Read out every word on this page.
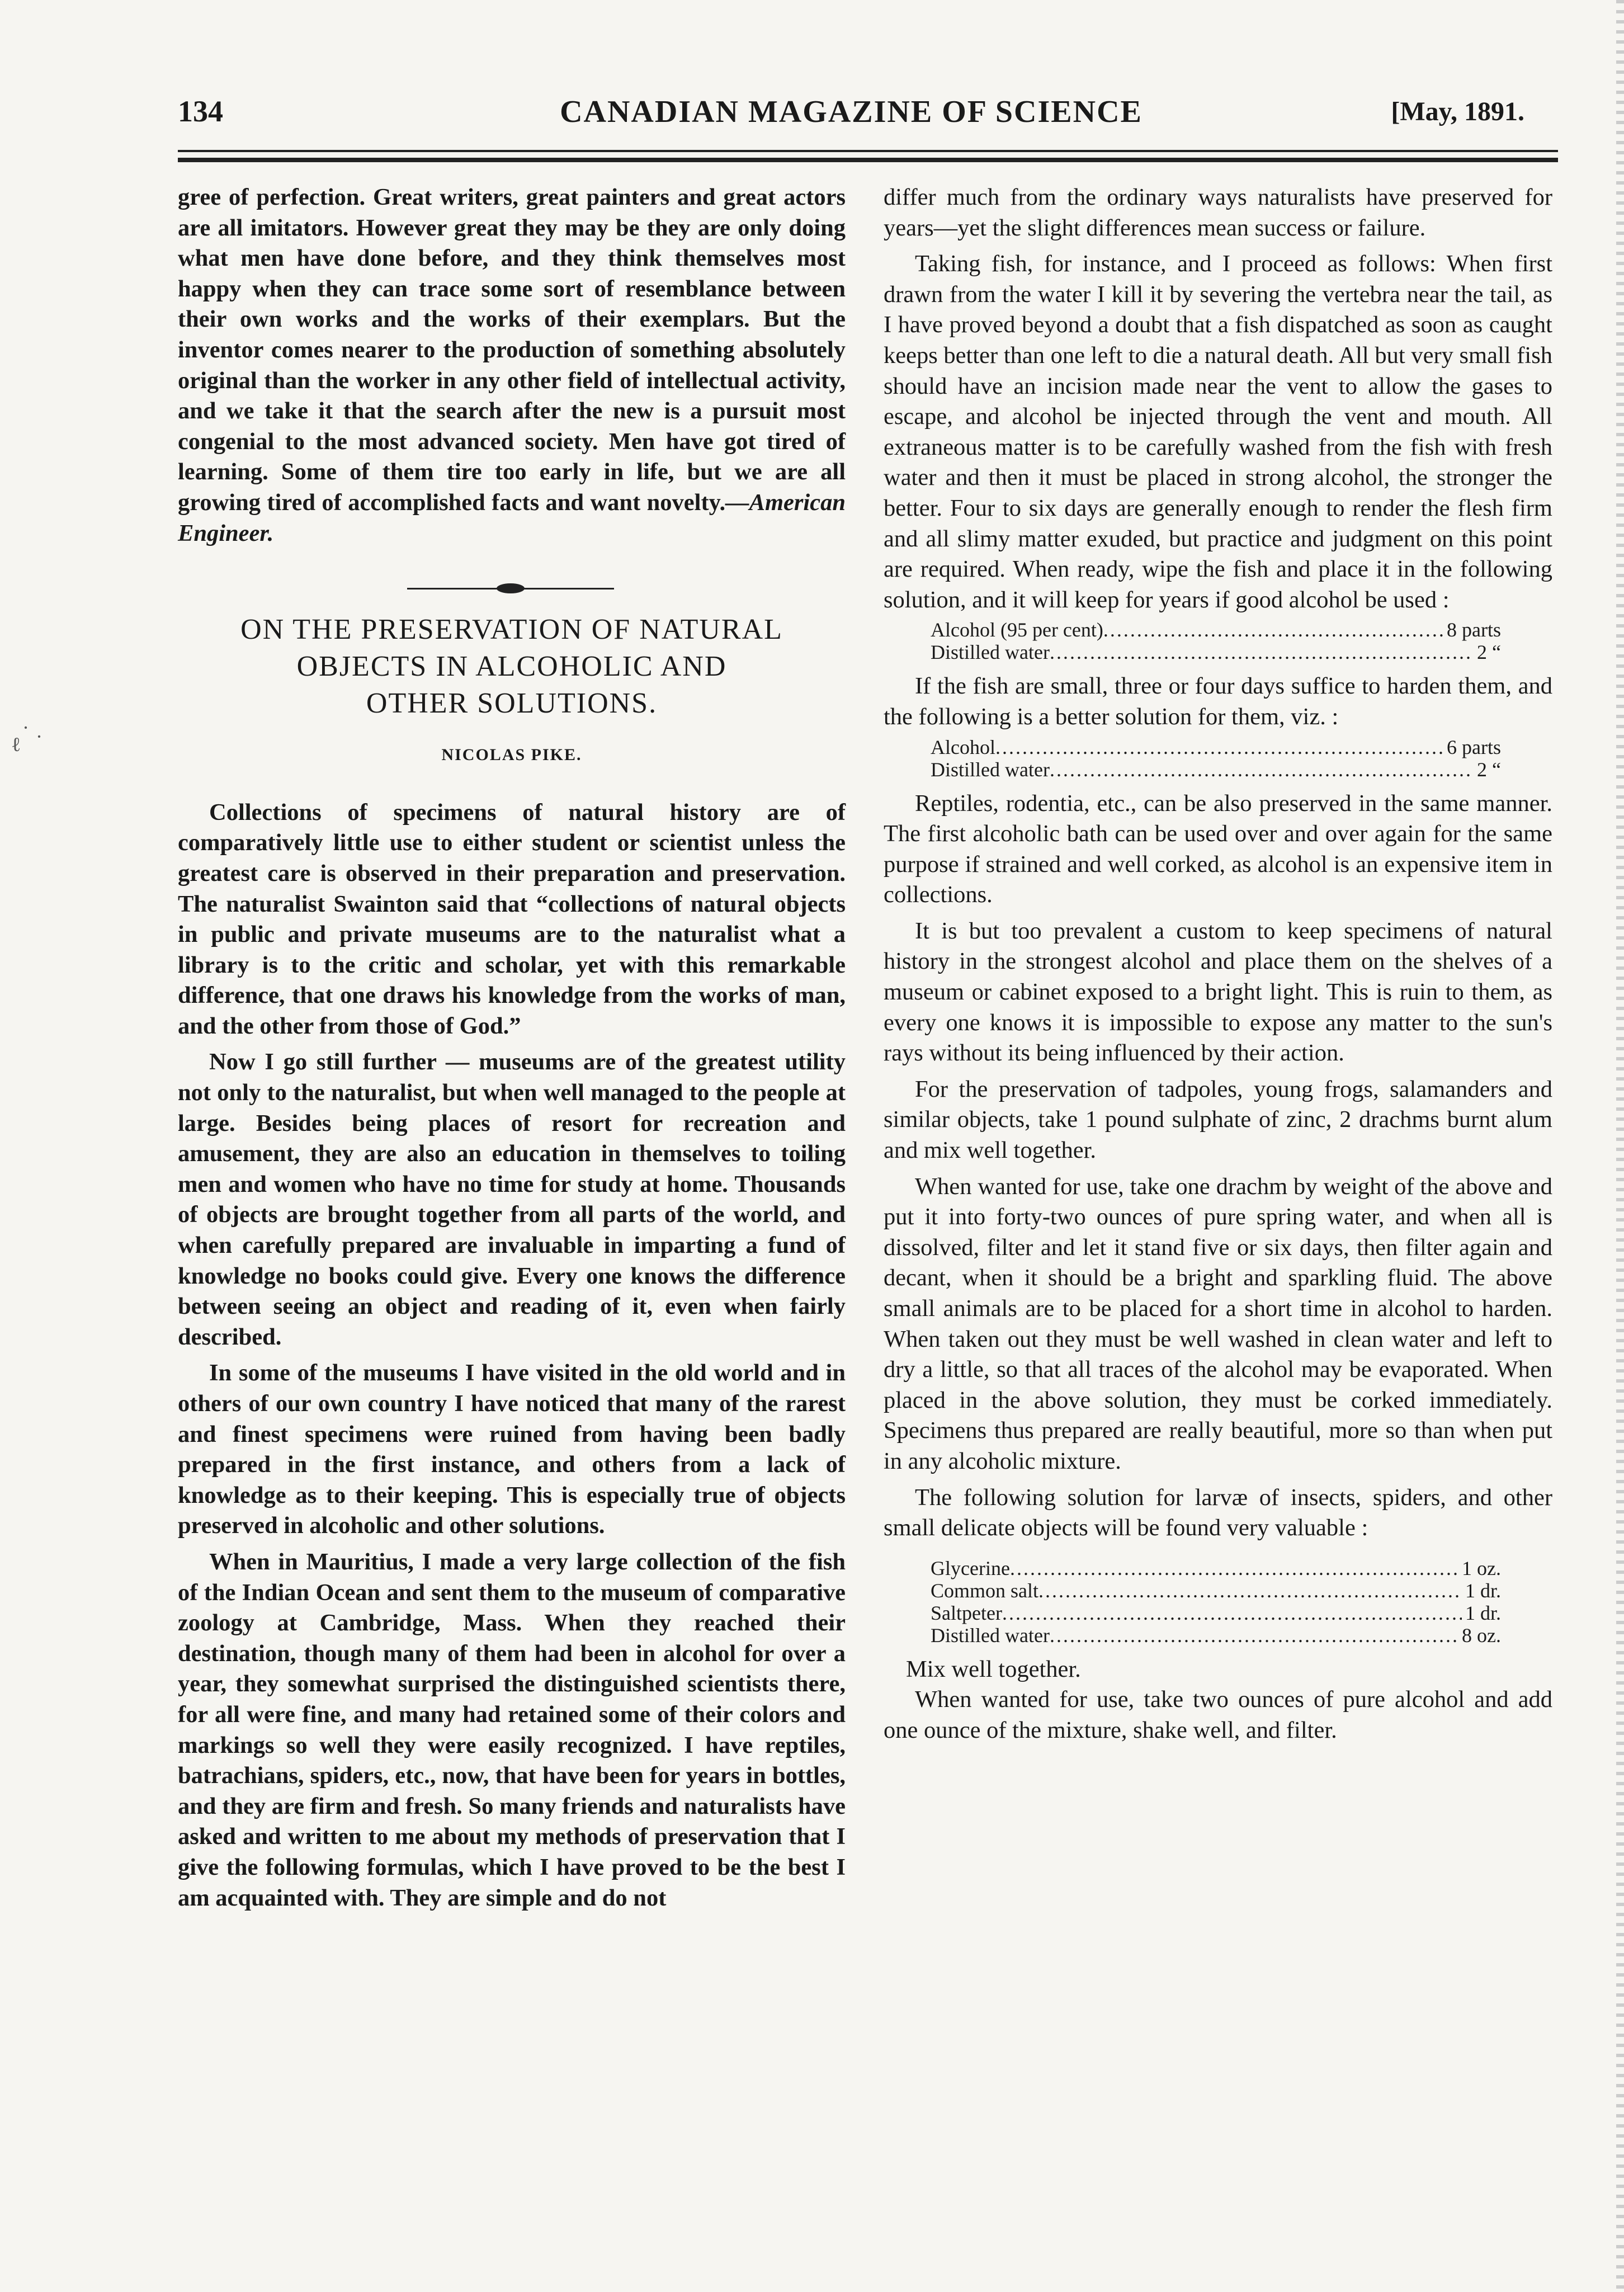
134	CANADIAN MAGAZINE OF SCIENCE	[May, 1891.

gree of perfection. Great writers, great painters and great actors are all imitators. However great they may be they are only doing what men have done before, and they think themselves most happy when they can trace some sort of resemblance between their own works and the works of their exemplars. But the inventor comes nearer to the production of something absolutely original than the worker in any other field of intellectual activity, and we take it that the search after the new is a pursuit most congenial to the most advanced society. Men have got tired of learning. Some of them tire too early in life, but we are all growing tired of accomplished facts and want novelty.—American Engineer.

ON THE PRESERVATION OF NATURAL
OBJECTS IN ALCOHOLIC AND
OTHER SOLUTIONS.
NICOLAS PIKE.

Collections of specimens of natural history are of comparatively little use to either student or scientist unless the greatest care is observed in their preparation and preservation. The naturalist Swainton said that “collections of natural objects in public and private museums are to the naturalist what a library is to the critic and scholar, yet with this remarkable difference, that one draws his knowledge from the works of man, and the other from those of God.”

Now I go still further — museums are of the greatest utility not only to the naturalist, but when well managed to the people at large. Besides being places of resort for recreation and amusement, they are also an education in themselves to toiling men and women who have no time for study at home. Thousands of objects are brought together from all parts of the world, and when carefully prepared are invaluable in imparting a fund of knowledge no books could give. Every one knows the difference between seeing an object and reading of it, even when fairly described.

In some of the museums I have visited in the old world and in others of our own country I have noticed that many of the rarest and finest specimens were ruined from having been badly prepared in the first instance, and others from a lack of knowledge as to their keeping. This is especially true of objects preserved in alcoholic and other solutions.

When in Mauritius, I made a very large collection of the fish of the Indian Ocean and sent them to the museum of comparative zoology at Cambridge, Mass. When they reached their destination, though many of them had been in alcohol for over a year, they somewhat surprised the distinguished scientists there, for all were fine, and many had retained some of their colors and markings so well they were easily recognized. I have reptiles, batrachians, spiders, etc., now, that have been for years in bottles, and they are firm and fresh. So many friends and naturalists have asked and written to me about my methods of preservation that I give the following formulas, which I have proved to be the best I am acquainted with. They are simple and do not

differ much from the ordinary ways naturalists have preserved for years—yet the slight differences mean success or failure.

Taking fish, for instance, and I proceed as follows: When first drawn from the water I kill it by severing the vertebra near the tail, as I have proved beyond a doubt that a fish dispatched as soon as caught keeps better than one left to die a natural death. All but very small fish should have an incision made near the vent to allow the gases to escape, and alcohol be injected through the vent and mouth. All extraneous matter is to be carefully washed from the fish with fresh water and then it must be placed in strong alcohol, the stronger the better. Four to six days are generally enough to render the flesh firm and all slimy matter exuded, but practice and judgment on this point are required. When ready, wipe the fish and place it in the following solution, and it will keep for years if good alcohol be used :

Alcohol (95 per cent) .....	8 parts
Distilled water .....	2 “

If the fish are small, three or four days suffice to harden them, and the following is a better solution for them, viz. :

Alcohol .....	6 parts
Distilled water .....	2 “

Reptiles, rodentia, etc., can be also preserved in the same manner. The first alcoholic bath can be used over and over again for the same purpose if strained and well corked, as alcohol is an expensive item in collections.

It is but too prevalent a custom to keep specimens of natural history in the strongest alcohol and place them on the shelves of a museum or cabinet exposed to a bright light. This is ruin to them, as every one knows it is impossible to expose any matter to the sun's rays without its being influenced by their action.

For the preservation of tadpoles, young frogs, salamanders and similar objects, take 1 pound sulphate of zinc, 2 drachms burnt alum and mix well together.

When wanted for use, take one drachm by weight of the above and put it into forty-two ounces of pure spring water, and when all is dissolved, filter and let it stand five or six days, then filter again and decant, when it should be a bright and sparkling fluid. The above small animals are to be placed for a short time in alcohol to harden. When taken out they must be well washed in clean water and left to dry a little, so that all traces of the alcohol may be evaporated. When placed in the above solution, they must be corked immediately. Specimens thus prepared are really beautiful, more so than when put in any alcoholic mixture.

The following solution for larvæ of insects, spiders, and other small delicate objects will be found very valuable :

Glycerine .....	1 oz.
Common salt .....	1 dr.
Saltpeter .....	1 dr.
Distilled water .....	8 oz.

Mix well together.

When wanted for use, take two ounces of pure alcohol and add one ounce of the mixture, shake well, and filter.

· ·
ℓ
